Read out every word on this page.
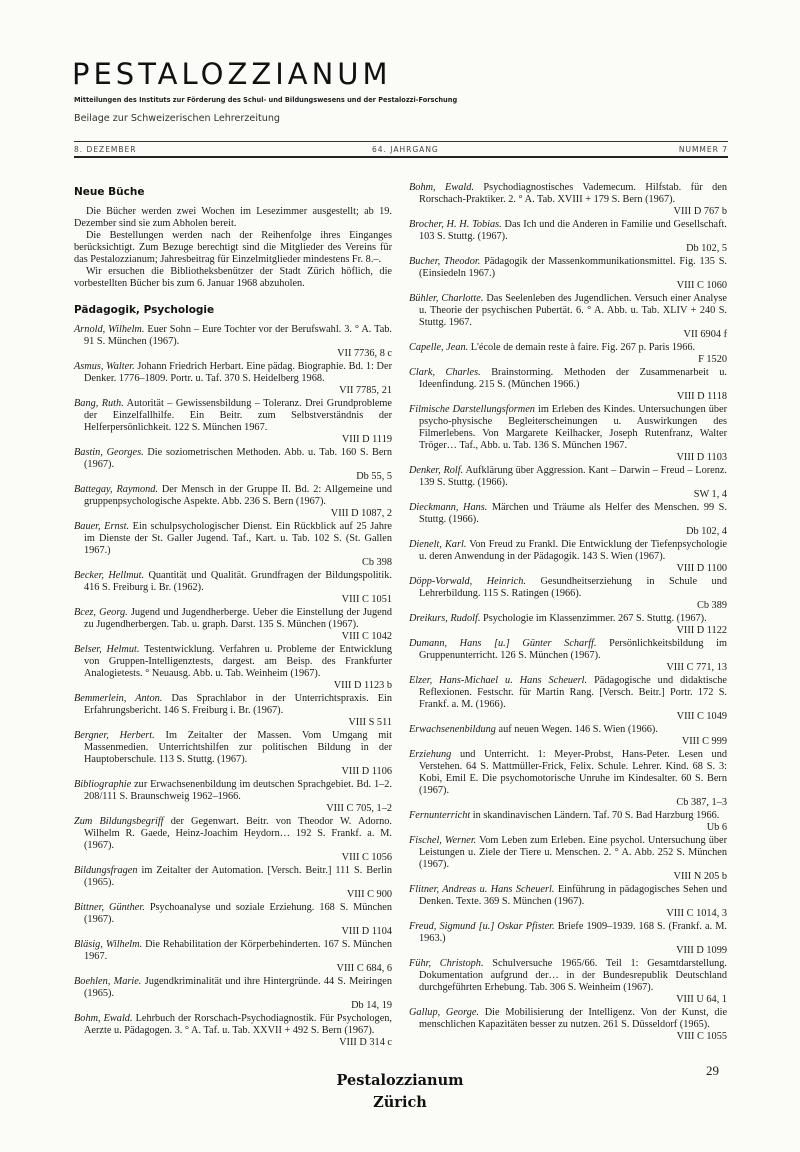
PESTALOZZIANUM
Mitteilungen des Instituts zur Förderung des Schul- und Bildungswesens und der Pestalozzi-Forschung
Beilage zur Schweizerischen Lehrerzeitung
8. DEZEMBER	64. JAHRGANG	NUMMER 7
Neue Büche

Die Bücher werden zwei Wochen im Lesezimmer ausgestellt; ab 19. Dezember sind sie zum Abholen bereit.

Die Bestellungen werden nach der Reihenfolge ihres Einganges berücksichtigt. Zum Bezuge berechtigt sind die Mitglieder des Vereins für das Pestalozzianum; Jahresbeitrag für Einzelmitglieder mindestens Fr. 8.–.

Wir ersuchen die Bibliotheksbenützer der Stadt Zürich höflich, die vorbestellten Bücher bis zum 6. Januar 1968 abzuholen.

Pädagogik, Psychologie
Arnold, Wilhelm. Euer Sohn – Eure Tochter vor der Berufswahl. 3. ° A. Tab. 91 S. München (1967).
VII 7736, 8 c
Asmus, Walter. Johann Friedrich Herbart. Eine pädag. Biographie. Bd. 1: Der Denker. 1776–1809. Portr. u. Taf. 370 S. Heidelberg 1968.
VII 7785, 21
Bang, Ruth. Autorität – Gewissensbildung – Toleranz. Drei Grundprobleme der Einzelfallhilfe. Ein Beitr. zum Selbstverständnis der Helferpersönlichkeit. 122 S. München 1967.
VIII D 1119
Bastin, Georges. Die soziometrischen Methoden. Abb. u. Tab. 160 S. Bern (1967).
Db 55, 5
Battegay, Raymond. Der Mensch in der Gruppe II. Bd. 2: Allgemeine und gruppenpsychologische Aspekte. Abb. 236 S. Bern (1967).
VIII D 1087, 2
Bauer, Ernst. Ein schulpsychologischer Dienst. Ein Rückblick auf 25 Jahre im Dienste der St. Galler Jugend. Taf., Kart. u. Tab. 102 S. (St. Gallen 1967.)
Cb 398
Becker, Hellmut. Quantität und Qualität. Grundfragen der Bildungspolitik. 416 S. Freiburg i. Br. (1962).
VIII C 1051
Bcez, Georg. Jugend und Jugendherberge. Ueber die Einstellung der Jugend zu Jugendherbergen. Tab. u. graph. Darst. 135 S. München (1967).
VIII C 1042
Belser, Helmut. Testentwicklung. Verfahren u. Probleme der Entwicklung von Gruppen-Intelligenztests, dargest. am Beisp. des Frankfurter Analogietests. ° Neuausg. Abb. u. Tab. Weinheim (1967).
VIII D 1123 b
Bemmerlein, Anton. Das Sprachlabor in der Unterrichtspraxis. Ein Erfahrungsbericht. 146 S. Freiburg i. Br. (1967).
VIII S 511
Bergner, Herbert. Im Zeitalter der Massen. Vom Umgang mit Massenmedien. Unterrichtshilfen zur politischen Bildung in der Hauptoberschule. 113 S. Stuttg. (1967).
VIII D 1106
Bibliographie zur Erwachsenenbildung im deutschen Sprachgebiet. Bd. 1–2. 208/111 S. Braunschweig 1962–1966.
VIII C 705, 1–2
Zum Bildungsbegriff der Gegenwart. Beitr. von Theodor W. Adorno. Wilhelm R. Gaede, Heinz-Joachim Heydorn… 192 S. Frankf. a. M. (1967).
VIII C 1056
Bildungsfragen im Zeitalter der Automation. [Versch. Beitr.] 111 S. Berlin (1965).
VIII C 900
Bittner, Günther. Psychoanalyse und soziale Erziehung. 168 S. München (1967).
VIII D 1104
Bläsig, Wilhelm. Die Rehabilitation der Körperbehinderten. 167 S. München 1967.
VIII C 684, 6
Boehlen, Marie. Jugendkriminalität und ihre Hintergründe. 44 S. Meiringen (1965).
Db 14, 19
Bohm, Ewald. Lehrbuch der Rorschach-Psychodiagnostik. Für Psychologen, Aerzte u. Pädagogen. 3. ° A. Taf. u. Tab. XXVII + 492 S. Bern (1967).
VIII D 314 c
Bohm, Ewald. Psychodiagnostisches Vademecum. Hilfstab. für den Rorschach-Praktiker. 2. ° A. Tab. XVIII + 179 S. Bern (1967).
VIII D 767 b
Brocher, H. H. Tobias. Das Ich und die Anderen in Familie und Gesellschaft. 103 S. Stuttg. (1967).
Db 102, 5
Bucher, Theodor. Pädagogik der Massenkommunikationsmittel. Fig. 135 S. (Einsiedeln 1967.)
VIII C 1060
Bühler, Charlotte. Das Seelenleben des Jugendlichen. Versuch einer Analyse u. Theorie der psychischen Pubertät. 6. ° A. Abb. u. Tab. XLIV + 240 S. Stuttg. 1967.
VII 6904 f
Capelle, Jean. L'école de demain reste à faire. Fig. 267 p. Paris 1966.
F 1520
Clark, Charles. Brainstorming. Methoden der Zusammenarbeit u. Ideenfindung. 215 S. (München 1966.)
VIII D 1118
Filmische Darstellungsformen im Erleben des Kindes. Untersuchungen über psycho-physische Begleiterscheinungen u. Auswirkungen des Filmerlebens. Von Margarete Keilhacker, Joseph Rutenfranz, Walter Tröger… Taf., Abb. u. Tab. 136 S. München 1967.
VIII D 1103
Denker, Rolf. Aufklärung über Aggression. Kant – Darwin – Freud – Lorenz. 139 S. Stuttg. (1966).
SW 1, 4
Dieckmann, Hans. Märchen und Träume als Helfer des Menschen. 99 S. Stuttg. (1966).
Db 102, 4
Dienelt, Karl. Von Freud zu Frankl. Die Entwicklung der Tiefenpsychologie u. deren Anwendung in der Pädagogik. 143 S. Wien (1967).
VIII D 1100
Döpp-Vorwald, Heinrich. Gesundheitserziehung in Schule und Lehrerbildung. 115 S. Ratingen (1966).
Cb 389
Dreikurs, Rudolf. Psychologie im Klassenzimmer. 267 S. Stuttg. (1967).
VIII D 1122
Dumann, Hans [u.] Günter Scharff. Persönlichkeitsbildung im Gruppenunterricht. 126 S. München (1967).
VIII C 771, 13
Elzer, Hans-Michael u. Hans Scheuerl. Pädagogische und didaktische Reflexionen. Festschr. für Martin Rang. [Versch. Beitr.] Portr. 172 S. Frankf. a. M. (1966).
VIII C 1049
Erwachsenenbildung auf neuen Wegen. 146 S. Wien (1966).
VIII C 999
Erziehung und Unterricht. 1: Meyer-Probst, Hans-Peter. Lesen und Verstehen. 64 S. Mattmüller-Frick, Felix. Schule. Lehrer. Kind. 68 S. 3: Kobi, Emil E. Die psychomotorische Unruhe im Kindesalter. 60 S. Bern (1967).
Cb 387, 1–3
Fernunterricht in skandinavischen Ländern. Taf. 70 S. Bad Harzburg 1966.
Ub 6
Fischel, Werner. Vom Leben zum Erleben. Eine psychol. Untersuchung über Leistungen u. Ziele der Tiere u. Menschen. 2. ° A. Abb. 252 S. München (1967).
VIII N 205 b
Flitner, Andreas u. Hans Scheuerl. Einführung in pädagogisches Sehen und Denken. Texte. 369 S. München (1967).
VIII C 1014, 3
Freud, Sigmund [u.] Oskar Pfister. Briefe 1909–1939. 168 S. (Frankf. a. M. 1963.)
VIII D 1099
Führ, Christoph. Schulversuche 1965/66. Teil 1: Gesamtdarstellung. Dokumentation aufgrund der… in der Bundesrepublik Deutschland durchgeführten Erhebung. Tab. 306 S. Weinheim (1967).
VIII U 64, 1
Gallup, George. Die Mobilisierung der Intelligenz. Von der Kunst, die menschlichen Kapazitäten besser zu nutzen. 261 S. Düsseldorf (1965).
VIII C 1055
29
Pestalozzianum
Zürich
